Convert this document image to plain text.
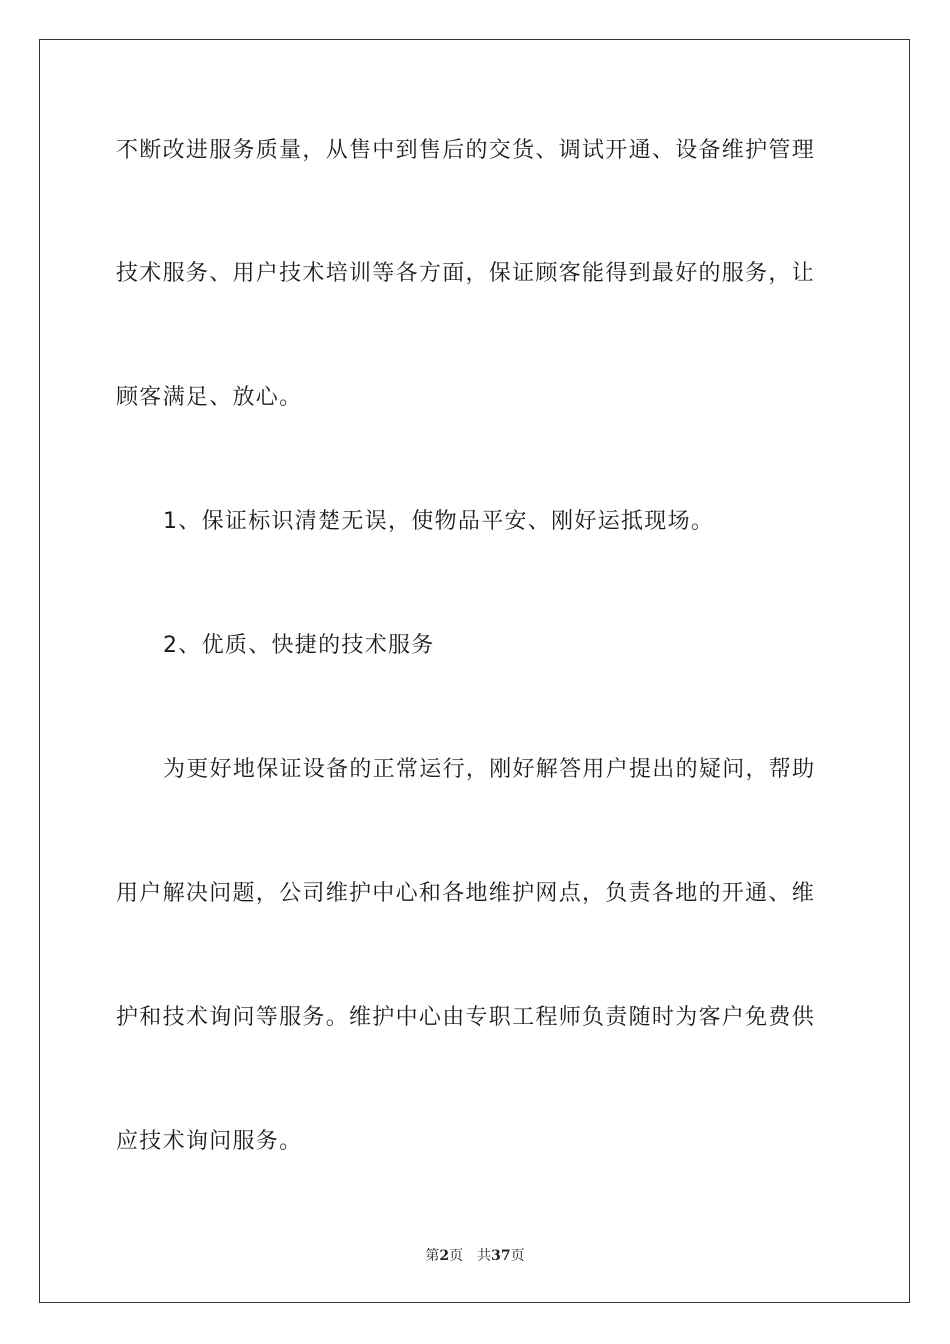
不断改进服务质量，从售中到售后的交货、调试开通、设备维护管理
技术服务、用户技术培训等各方面，保证顾客能得到最好的服务，让
顾客满足、放心。
1、保证标识清楚无误，使物品平安、刚好运抵现场。
2、优质、快捷的技术服务
为更好地保证设备的正常运行，刚好解答用户提出的疑问，帮助
用户解决问题，公司维护中心和各地维护网点，负责各地的开通、维
护和技术询问等服务。维护中心由专职工程师负责随时为客户免费供
应技术询问服务。
第2页 共37页
